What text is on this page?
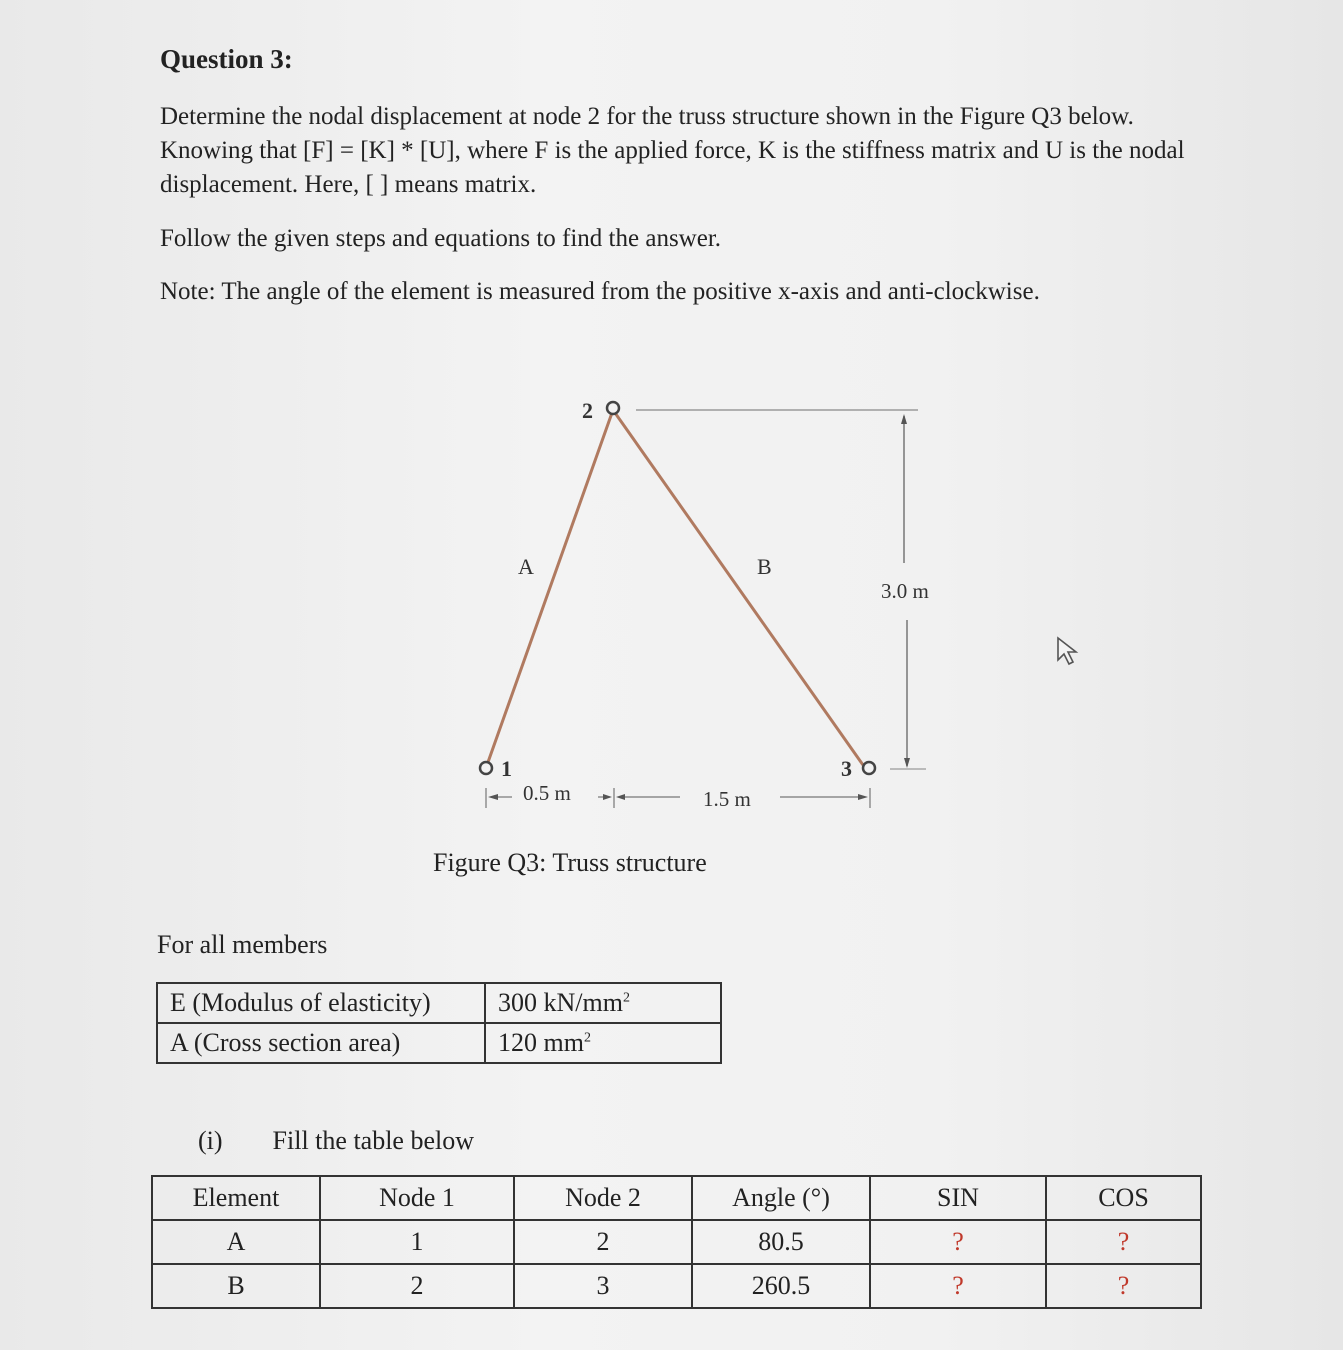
Question 3:
Determine the nodal displacement at node 2 for the truss structure shown in the Figure Q3 below. Knowing that [F] = [K] * [U], where F is the applied force, K is the stiffness matrix and U is the nodal displacement. Here, [ ] means matrix.
Follow the given steps and equations to find the answer.
Note: The angle of the element is measured from the positive x-axis and anti-clockwise.
2
1	3
A	B
3.0 m
0.5 m	1.5 m
Figure Q3: Truss structure
For all members
E (Modulus of elasticity)	300 $kN/mm^2$
A (Cross section area)	120 $mm^2$
(i) Fill the table below
Element	Node 1	Node 2	Angle (°)	SIN	COS
A	1	2	80.5	?	?
B	2	3	260.5	?	?
